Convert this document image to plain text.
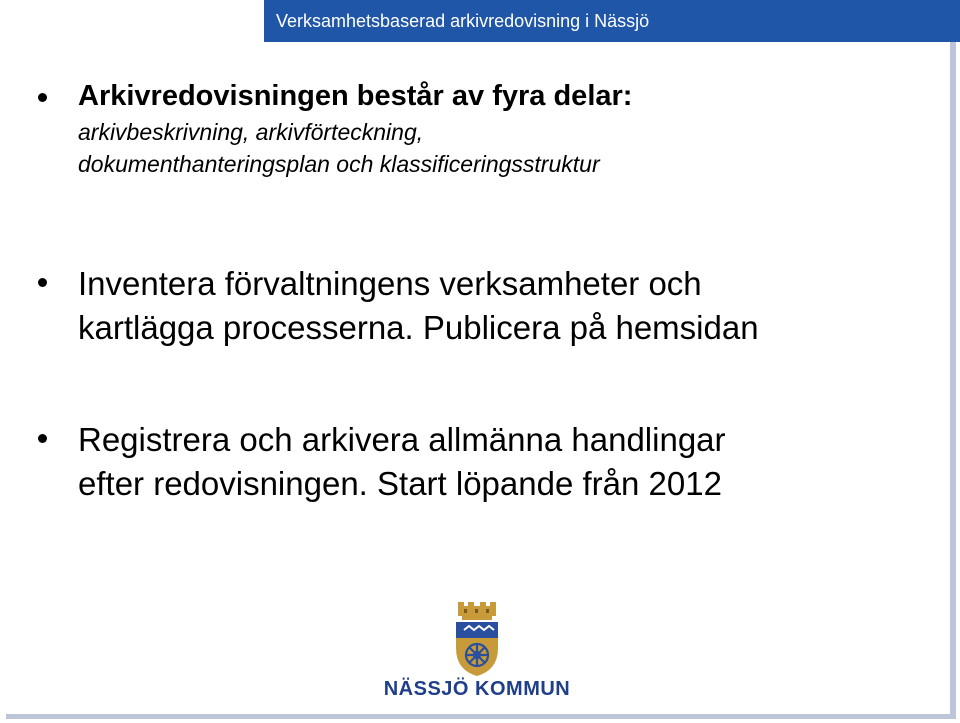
Verksamhetsbaserad arkivredovisning i Nässjö
Arkivredovisningen består av fyra delar:
arkivbeskrivning, arkivförteckning,
dokumenthanteringsplan och klassificeringsstruktur
Inventera förvaltningens verksamheter och
kartlägga processerna. Publicera på hemsidan
Registrera och arkivera allmänna handlingar
efter redovisningen. Start löpande från 2012
NÄSSJÖ KOMMUN
